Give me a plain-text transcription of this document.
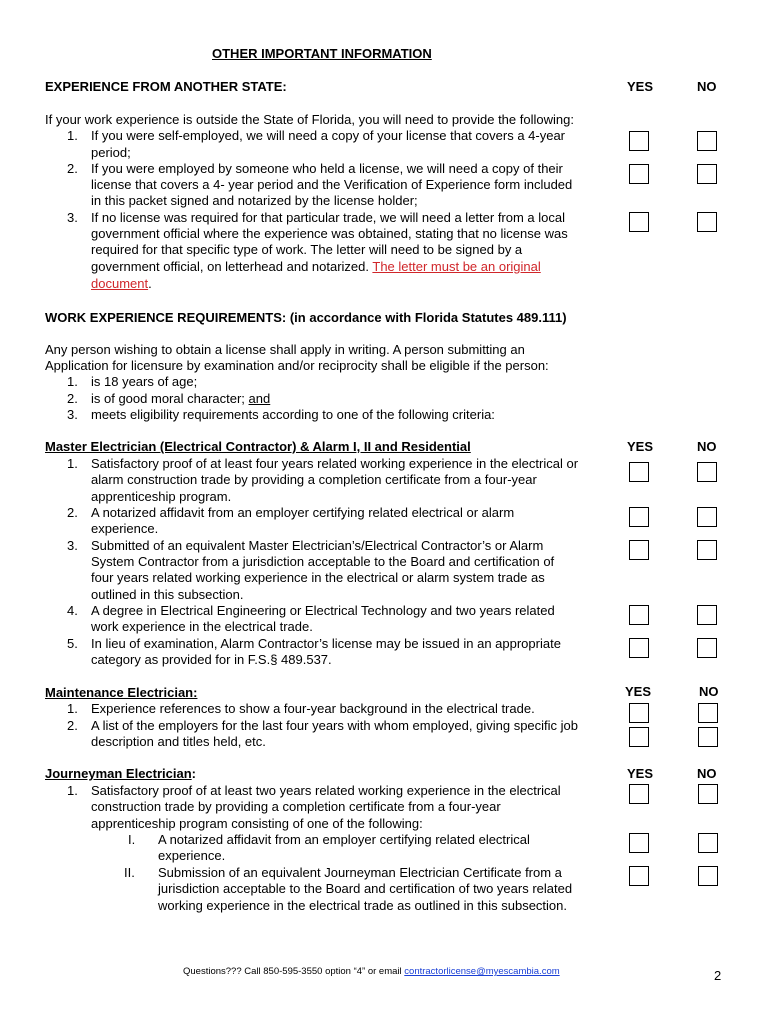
OTHER IMPORTANT INFORMATION
EXPERIENCE FROM ANOTHER STATE:	YES	NO
If your work experience is outside the State of Florida, you will need to provide the following:
1. If you were self-employed, we will need a copy of your license that covers a 4-year
period;
2. If you were employed by someone who held a license, we will need a copy of their
license that covers a 4- year period and the Verification of Experience form included
in this packet signed and notarized by the license holder;
3. If no license was required for that particular trade, we will need a letter from a local
government official where the experience was obtained, stating that no license was
required for that specific type of work. The letter will need to be signed by a
government official, on letterhead and notarized. The letter must be an original
document.
WORK EXPERIENCE REQUIREMENTS: (in accordance with Florida Statutes 489.111)
Any person wishing to obtain a license shall apply in writing. A person submitting an
Application for licensure by examination and/or reciprocity shall be eligible if the person:
1. is 18 years of age;
2. is of good moral character; and
3. meets eligibility requirements according to one of the following criteria:
Master Electrician (Electrical Contractor) & Alarm I, II and Residential	YES	NO
1. Satisfactory proof of at least four years related working experience in the electrical or
alarm construction trade by providing a completion certificate from a four-year
apprenticeship program.
2. A notarized affidavit from an employer certifying related electrical or alarm
experience.
3. Submitted of an equivalent Master Electrician’s/Electrical Contractor’s or Alarm
System Contractor from a jurisdiction acceptable to the Board and certification of
four years related working experience in the electrical or alarm system trade as
outlined in this subsection.
4. A degree in Electrical Engineering or Electrical Technology and two years related
work experience in the electrical trade.
5. In lieu of examination, Alarm Contractor’s license may be issued in an appropriate
category as provided for in F.S.§ 489.537.
Maintenance Electrician:	YES	NO
1. Experience references to show a four-year background in the electrical trade.
2. A list of the employers for the last four years with whom employed, giving specific job
description and titles held, etc.
Journeyman Electrician:	YES	NO
1. Satisfactory proof of at least two years related working experience in the electrical
construction trade by providing a completion certificate from a four-year
apprenticeship program consisting of one of the following:
I. A notarized affidavit from an employer certifying related electrical
experience.
II. Submission of an equivalent Journeyman Electrician Certificate from a
jurisdiction acceptable to the Board and certification of two years related
working experience in the electrical trade as outlined in this subsection.
Questions??? Call 850-595-3550 option “4” or email contractorlicense@myescambia.com	2
